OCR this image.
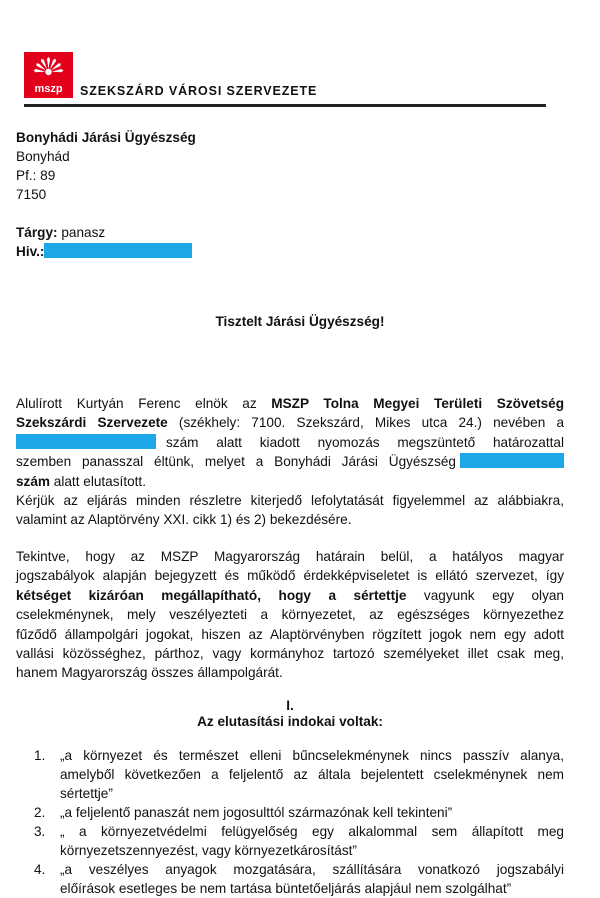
mszp	SZEKSZÁRD VÁROSI SZERVEZETE
Bonyhádi Járási Ügyészség
Bonyhád
Pf.: 89
7150
Tárgy: panasz
Hiv.:
Tisztelt Járási Ügyészség!
Alulírott Kurtyán Ferenc elnök az MSZP Tolna Megyei Területi Szövetség
Szekszárdi Szervezete (székhely: 7100. Szekszárd, Mikes utca 24.) nevében a
szám alatt kiadott nyomozás megszüntető határozattal
szemben panasszal éltünk, melyet a Bonyhádi Járási Ügyészség
szám alatt elutasított.
Kérjük az eljárás minden részletre kiterjedő lefolytatását figyelemmel az alábbiakra,
valamint az Alaptörvény XXI. cikk 1) és 2) bekezdésére.
Tekintve, hogy az MSZP Magyarország határain belül, a hatályos magyar
jogszabályok alapján bejegyzett és működő érdekképviseletet is ellátó szervezet, így
kétséget kizáróan megállapítható, hogy a sértettje vagyunk egy olyan
cselekménynek, mely veszélyezteti a környezetet, az egészséges környezethez
fűződő állampolgári jogokat, hiszen az Alaptörvényben rögzített jogok nem egy adott
vallási közösséghez, párthoz, vagy kormányhoz tartozó személyeket illet csak meg,
hanem Magyarország összes állampolgárát.
I.
Az elutasítási indokai voltak:
1. „a környezet és természet elleni bűncselekménynek nincs passzív alanya,
amelyből következően a feljelentő az általa bejelentett cselekménynek nem
sértettje”
2. „a feljelentő panaszát nem jogosulttól származónak kell tekinteni”
3. „ a környezetvédelmi felügyelőség egy alkalommal sem állapított meg
környezetszennyezést, vagy környezetkárosítást”
4. „a veszélyes anyagok mozgatására, szállítására vonatkozó jogszabályi
előírások esetleges be nem tartása büntetőeljárás alapjául nem szolgálhat”
